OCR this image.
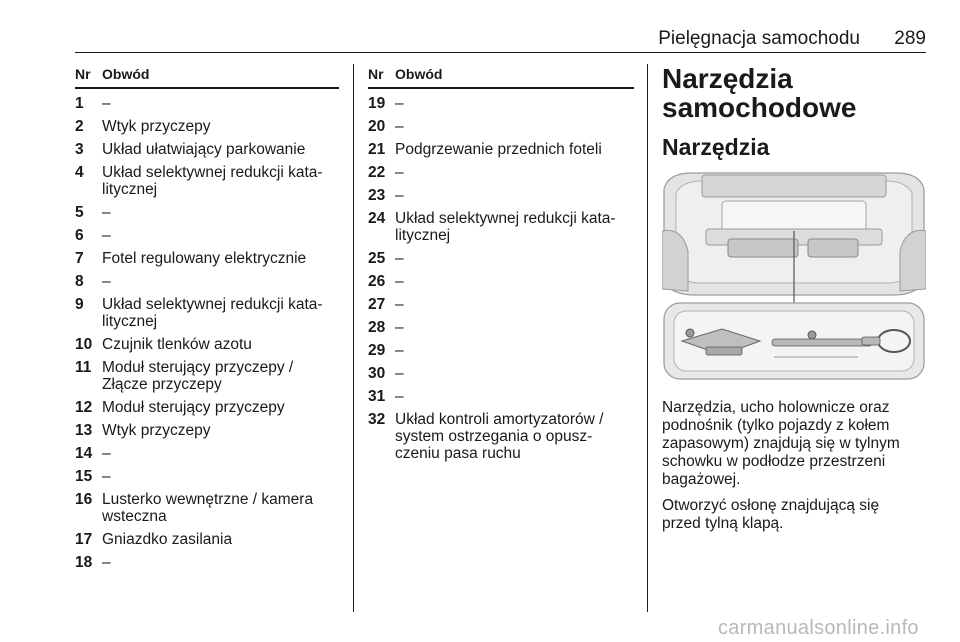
Pielęgnacja samochodu 289
Nr Obwód
1	–
2	Wtyk przyczepy
3	Układ ułatwiający parkowanie
4	Układ selektywnej redukcji kata-
litycznej
5	–
6	–
7	Fotel regulowany elektrycznie
8	–
9	Układ selektywnej redukcji kata-
litycznej
10 Czujnik tlenków azotu
11 Moduł sterujący przyczepy /
Złącze przyczepy
12 Moduł sterujący przyczepy
13 Wtyk przyczepy
14 –
15 –
16 Lusterko wewnętrzne / kamera
wsteczna
17 Gniazdko zasilania
18 –
Nr Obwód
19 –
20 –
21 Podgrzewanie przednich foteli
22 –
23 –
24 Układ selektywnej redukcji kata-
litycznej
25 –
26 –
27 –
28 –
29 –
30 –
31 –
32 Układ kontroli amortyzatorów /
system ostrzegania o opusz-
czeniu pasa ruchu
Narzędzia
samochodowe
Narzędzia
Narzędzia, ucho holownicze oraz
podnośnik (tylko pojazdy z kołem
zapasowym) znajdują się w tylnym
schowku w podłodze przestrzeni
bagażowej.
Otworzyć osłonę znajdującą się
przed tylną klapą.
carmanualsonline.info
